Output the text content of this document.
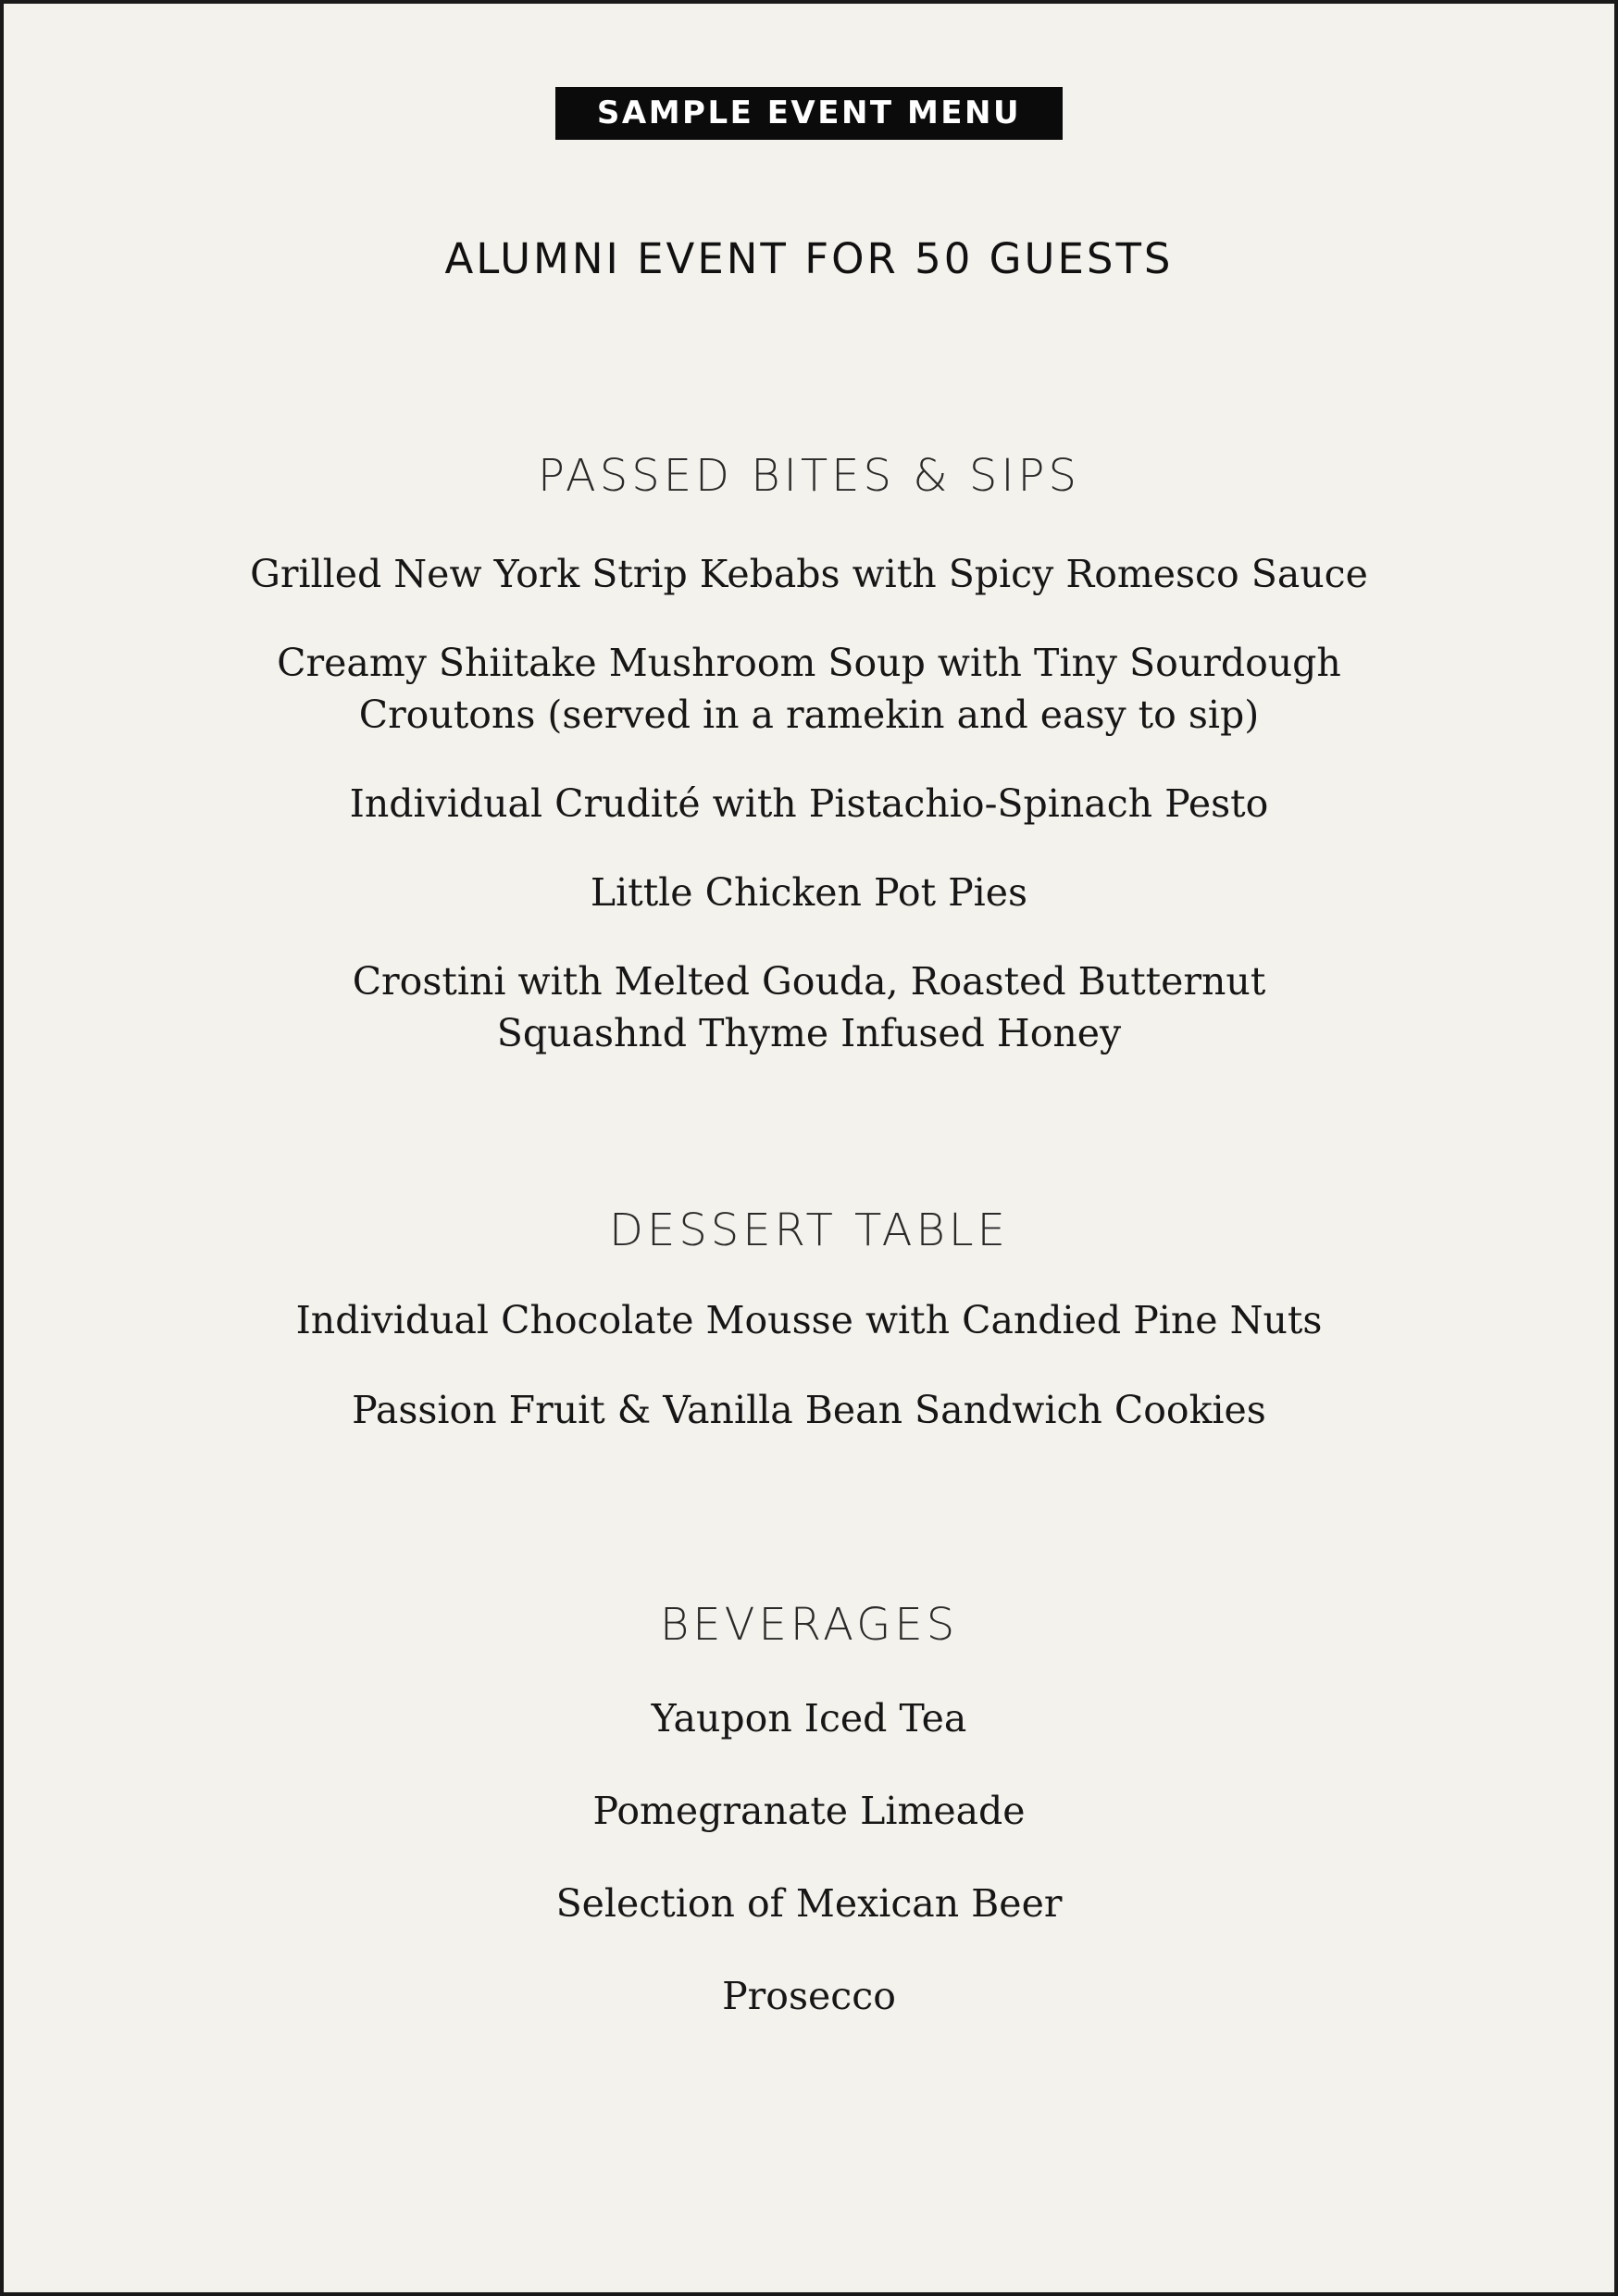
SAMPLE EVENT MENU
ALUMNI EVENT FOR 50 GUESTS
PASSED BITES & SIPS
Grilled New York Strip Kebabs with Spicy Romesco Sauce
Creamy Shiitake Mushroom Soup with Tiny Sourdough
Croutons (served in a ramekin and easy to sip)
Individual Crudité with Pistachio-Spinach Pesto
Little Chicken Pot Pies
Crostini with Melted Gouda, Roasted Butternut
Squashnd Thyme Infused Honey
DESSERT TABLE
Individual Chocolate Mousse with Candied Pine Nuts
Passion Fruit & Vanilla Bean Sandwich Cookies
BEVERAGES
Yaupon Iced Tea
Pomegranate Limeade
Selection of Mexican Beer
Prosecco
